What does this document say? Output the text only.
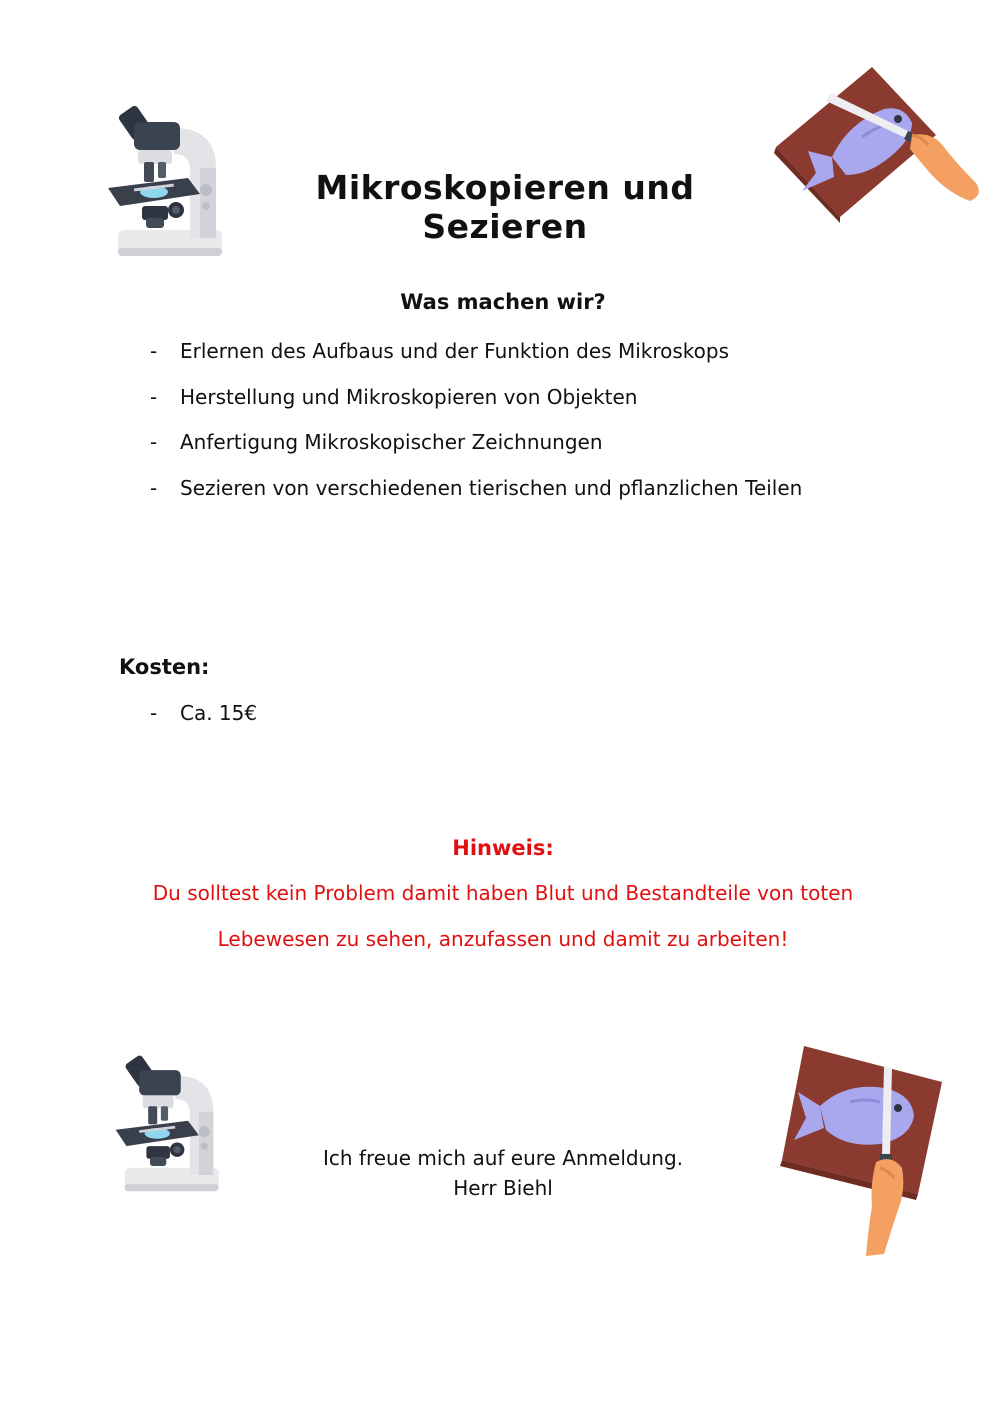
Mikroskopieren und Sezieren
Was machen wir?
- Erlernen des Aufbaus und der Funktion des Mikroskops
- Herstellung und Mikroskopieren von Objekten
- Anfertigung Mikroskopischer Zeichnungen
- Sezieren von verschiedenen tierischen und pflanzlichen Teilen
Kosten:
- Ca. 15€
Hinweis:
Du solltest kein Problem damit haben Blut und Bestandteile von toten
Lebewesen zu sehen, anzufassen und damit zu arbeiten!
Ich freue mich auf eure Anmeldung.
Herr Biehl
